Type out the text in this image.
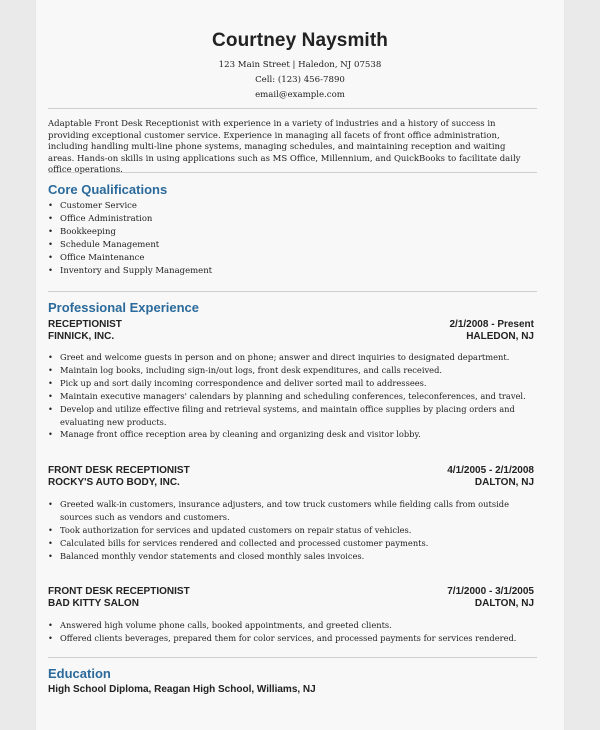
Courtney Naysmith
123 Main Street | Haledon, NJ 07538
Cell: (123) 456-7890
email@example.com
Adaptable Front Desk Receptionist with experience in a variety of industries and a history of success in providing exceptional customer service. Experience in managing all facets of front office administration, including handling multi-line phone systems, managing schedules, and maintaining reception and waiting areas. Hands-on skills in using applications such as MS Office, Millennium, and QuickBooks to facilitate daily office operations.
Core Qualifications
• Customer Service
• Office Administration
• Bookkeeping
• Schedule Management
• Office Maintenance
• Inventory and Supply Management
Professional Experience
RECEPTIONIST
FINNICK, INC.
2/1/2008 - Present
HALEDON, NJ
• Greet and welcome guests in person and on phone; answer and direct inquiries to designated department.
• Maintain log books, including sign-in/out logs, front desk expenditures, and calls received.
• Pick up and sort daily incoming correspondence and deliver sorted mail to addressees.
• Maintain executive managers' calendars by planning and scheduling conferences, teleconferences, and travel.
• Develop and utilize effective filing and retrieval systems, and maintain office supplies by placing orders and evaluating new products.
• Manage front office reception area by cleaning and organizing desk and visitor lobby.
FRONT DESK RECEPTIONIST
ROCKY'S AUTO BODY, INC.
4/1/2005 - 2/1/2008
DALTON, NJ
• Greeted walk-in customers, insurance adjusters, and tow truck customers while fielding calls from outside sources such as vendors and customers.
• Took authorization for services and updated customers on repair status of vehicles.
• Calculated bills for services rendered and collected and processed customer payments.
• Balanced monthly vendor statements and closed monthly sales invoices.
FRONT DESK RECEPTIONIST
BAD KITTY SALON
7/1/2000 - 3/1/2005
DALTON, NJ
• Answered high volume phone calls, booked appointments, and greeted clients.
• Offered clients beverages, prepared them for color services, and processed payments for services rendered.
Education
High School Diploma, Reagan High School, Williams, NJ
